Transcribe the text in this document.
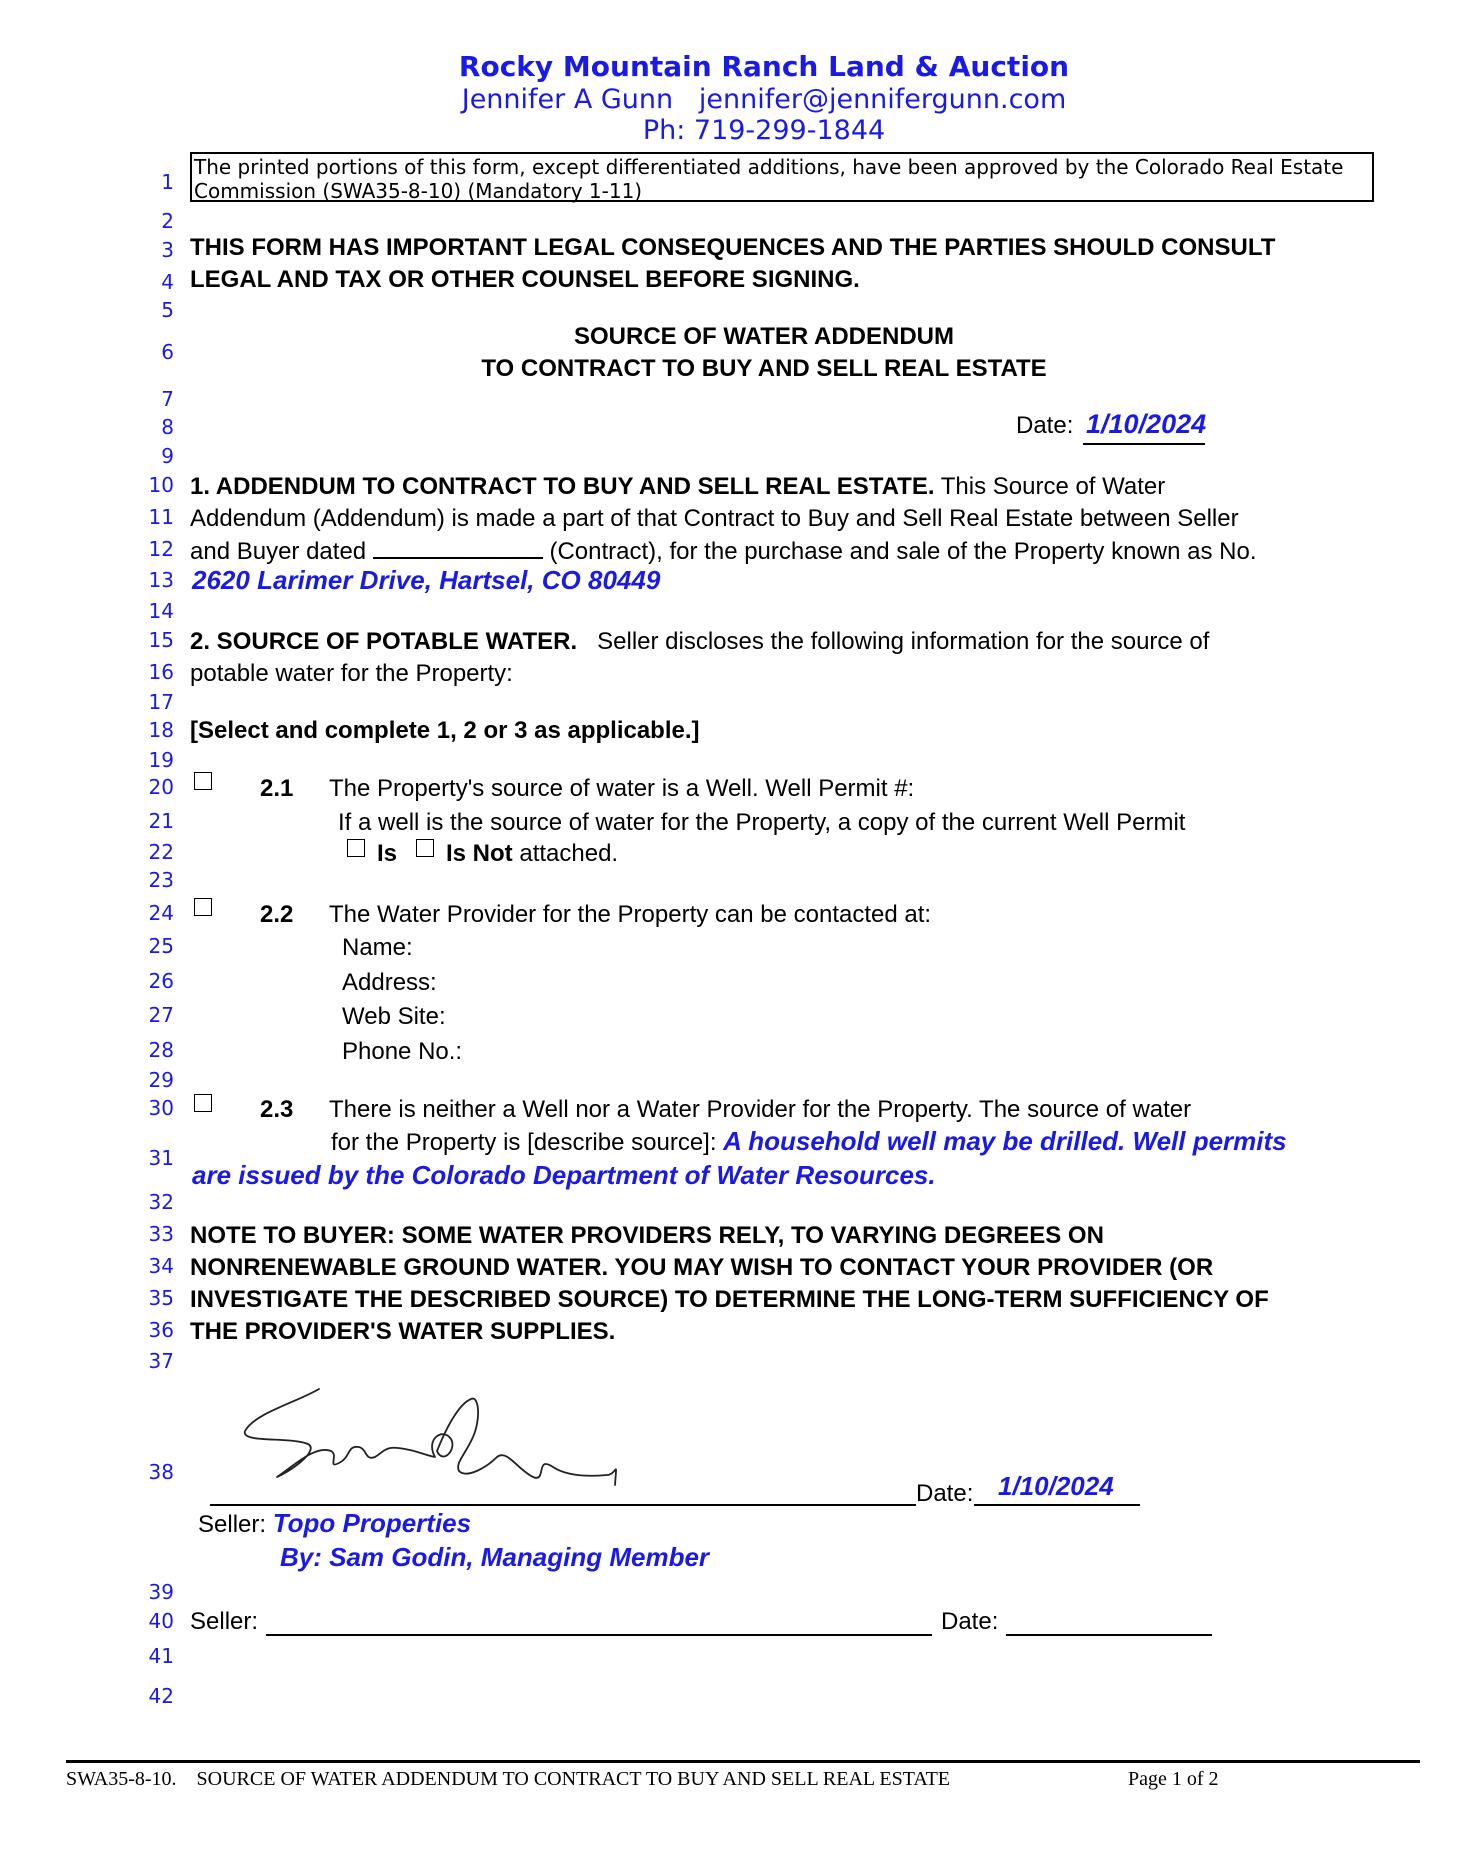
Rocky Mountain Ranch Land & Auction
Jennifer A Gunn   jennifer@jennifergunn.com
Ph: 719-299-1844
The printed portions of this form, except differentiated additions, have been approved by the Colorado Real Estate Commission (SWA35-8-10) (Mandatory 1-11)
1
2
3
4
5
6
7
8
9
10
11
12
13
14
15
16
17
18
19
20
21
22
23
24
25
26
27
28
29
30
31
32
33
34
35
36
37
38
39
40
41
42
THIS FORM HAS IMPORTANT LEGAL CONSEQUENCES AND THE PARTIES SHOULD CONSULT
LEGAL AND TAX OR OTHER COUNSEL BEFORE SIGNING.
SOURCE OF WATER ADDENDUM
TO CONTRACT TO BUY AND SELL REAL ESTATE
Date: 1/10/2024
1. ADDENDUM TO CONTRACT TO BUY AND SELL REAL ESTATE. This Source of Water
Addendum (Addendum) is made a part of that Contract to Buy and Sell Real Estate between Seller
and Buyer dated	(Contract), for the purchase and sale of the Property known as No.
2620 Larimer Drive, Hartsel, CO 80449
2. SOURCE OF POTABLE WATER.   Seller discloses the following information for the source of
potable water for the Property:
[Select and complete 1, 2 or 3 as applicable.]
2.1 The Property's source of water is a Well. Well Permit #:
If a well is the source of water for the Property, a copy of the current Well Permit
Is Is Not attached.
2.2 The Water Provider for the Property can be contacted at:
Name:
Address:
Web Site:
Phone No.:
2.3 There is neither a Well nor a Water Provider for the Property. The source of water
for the Property is [describe source]: A household well may be drilled. Well permits
are issued by the Colorado Department of Water Resources.
NOTE TO BUYER: SOME WATER PROVIDERS RELY, TO VARYING DEGREES ON
NONRENEWABLE GROUND WATER. YOU MAY WISH TO CONTACT YOUR PROVIDER (OR
INVESTIGATE THE DESCRIBED SOURCE) TO DETERMINE THE LONG-TERM SUFFICIENCY OF
THE PROVIDER'S WATER SUPPLIES.
Date: 1/10/2024
Seller: Topo Properties
By: Sam Godin, Managing Member
Seller:	Date:
SWA35-8-10.    SOURCE OF WATER ADDENDUM TO CONTRACT TO BUY AND SELL REAL ESTATE	Page 1 of 2
